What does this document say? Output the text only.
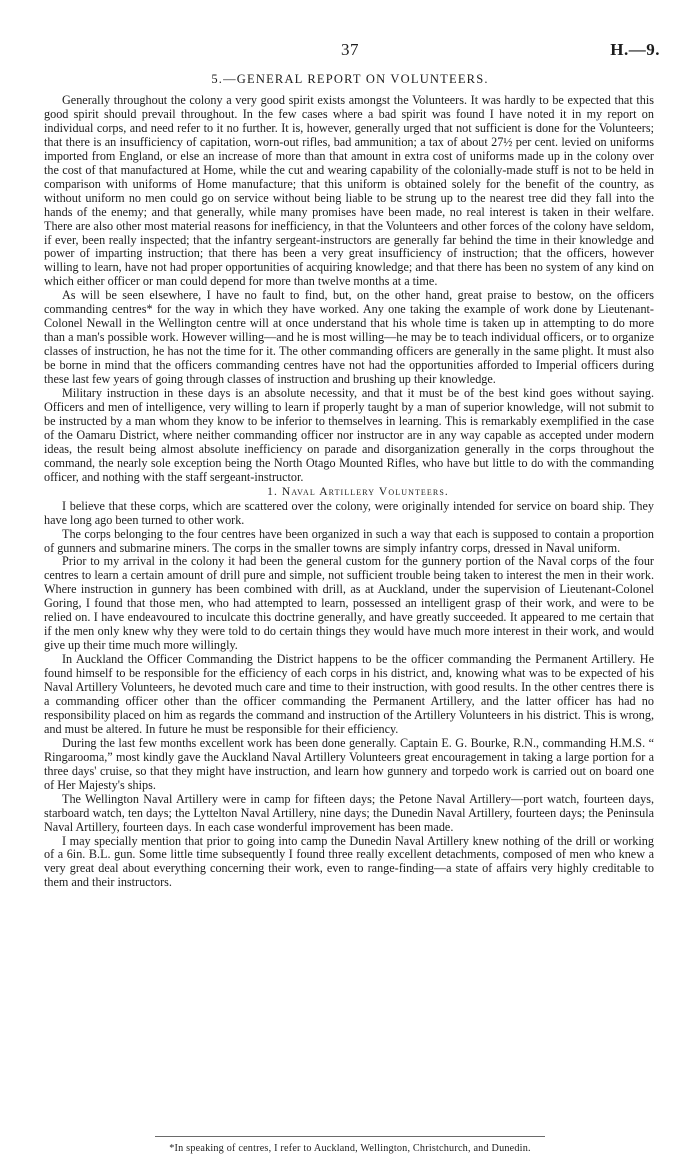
37	H.—9.
5.—GENERAL REPORT ON VOLUNTEERS.

Generally throughout the colony a very good spirit exists amongst the Volunteers. It was hardly to be expected that this good spirit should prevail throughout. In the few cases where a bad spirit was found I have noted it in my report on individual corps, and need refer to it no further. It is, however, generally urged that not sufficient is done for the Volunteers; that there is an insufficiency of capitation, worn-out rifles, bad ammunition; a tax of about 27½ per cent. levied on uniforms imported from England, or else an increase of more than that amount in extra cost of uniforms made up in the colony over the cost of that manufactured at Home, while the cut and wearing capability of the colonially-made stuff is not to be held in comparison with uniforms of Home manufacture; that this uniform is obtained solely for the benefit of the country, as without uniform no men could go on service without being liable to be strung up to the nearest tree did they fall into the hands of the enemy; and that generally, while many promises have been made, no real interest is taken in their welfare. There are also other most material reasons for inefficiency, in that the Volunteers and other forces of the colony have seldom, if ever, been really inspected; that the infantry sergeant-instructors are generally far behind the time in their knowledge and power of imparting instruction; that there has been a very great insufficiency of instruction; that the officers, however willing to learn, have not had proper opportunities of acquiring knowledge; and that there has been no system of any kind on which either officer or man could depend for more than twelve months at a time.

As will be seen elsewhere, I have no fault to find, but, on the other hand, great praise to bestow, on the officers commanding centres* for the way in which they have worked. Any one taking the example of work done by Lieutenant-Colonel Newall in the Wellington centre will at once understand that his whole time is taken up in attempting to do more than a man's possible work. However willing—and he is most willing—he may be to teach individual officers, or to organize classes of instruction, he has not the time for it. The other commanding officers are generally in the same plight. It must also be borne in mind that the officers commanding centres have not had the opportunities afforded to Imperial officers during these last few years of going through classes of instruction and brushing up their knowledge.

Military instruction in these days is an absolute necessity, and that it must be of the best kind goes without saying. Officers and men of intelligence, very willing to learn if properly taught by a man of superior knowledge, will not submit to be instructed by a man whom they know to be inferior to themselves in learning. This is remarkably exemplified in the case of the Oamaru District, where neither commanding officer nor instructor are in any way capable as accepted under modern ideas, the result being almost absolute inefficiency on parade and disorganization generally in the corps throughout the command, the nearly sole exception being the North Otago Mounted Rifles, who have but little to do with the commanding officer, and nothing with the staff sergeant-instructor.

1. Naval Artillery Volunteers.

I believe that these corps, which are scattered over the colony, were originally intended for service on board ship. They have long ago been turned to other work.

The corps belonging to the four centres have been organized in such a way that each is supposed to contain a proportion of gunners and submarine miners. The corps in the smaller towns are simply infantry corps, dressed in Naval uniform.

Prior to my arrival in the colony it had been the general custom for the gunnery portion of the Naval corps of the four centres to learn a certain amount of drill pure and simple, not sufficient trouble being taken to interest the men in their work. Where instruction in gunnery has been combined with drill, as at Auckland, under the supervision of Lieutenant-Colonel Goring, I found that those men, who had attempted to learn, possessed an intelligent grasp of their work, and were to be relied on. I have endeavoured to inculcate this doctrine generally, and have greatly succeeded. It appeared to me certain that if the men only knew why they were told to do certain things they would have much more interest in their work, and would give up their time much more willingly.

In Auckland the Officer Commanding the District happens to be the officer commanding the Permanent Artillery. He found himself to be responsible for the efficiency of each corps in his district, and, knowing what was to be expected of his Naval Artillery Volunteers, he devoted much care and time to their instruction, with good results. In the other centres there is a commanding officer other than the officer commanding the Permanent Artillery, and the latter officer has had no responsibility placed on him as regards the command and instruction of the Artillery Volunteers in his district. This is wrong, and must be altered. In future he must be responsible for their efficiency.

During the last few months excellent work has been done generally. Captain E. G. Bourke, R.N., commanding H.M.S. “ Ringarooma,” most kindly gave the Auckland Naval Artillery Volunteers great encouragement in taking a large portion for a three days' cruise, so that they might have instruction, and learn how gunnery and torpedo work is carried out on board one of Her Majesty's ships.

The Wellington Naval Artillery were in camp for fifteen days; the Petone Naval Artillery—port watch, fourteen days, starboard watch, ten days; the Lyttelton Naval Artillery, nine days; the Dunedin Naval Artillery, fourteen days; the Peninsula Naval Artillery, fourteen days. In each case wonderful improvement has been made.

I may specially mention that prior to going into camp the Dunedin Naval Artillery knew nothing of the drill or working of a 6in. B.L. gun. Some little time subsequently I found three really excellent detachments, composed of men who knew a very great deal about everything concerning their work, even to range-finding—a state of affairs very highly creditable to them and their instructors.

*In speaking of centres, I refer to Auckland, Wellington, Christchurch, and Dunedin.
